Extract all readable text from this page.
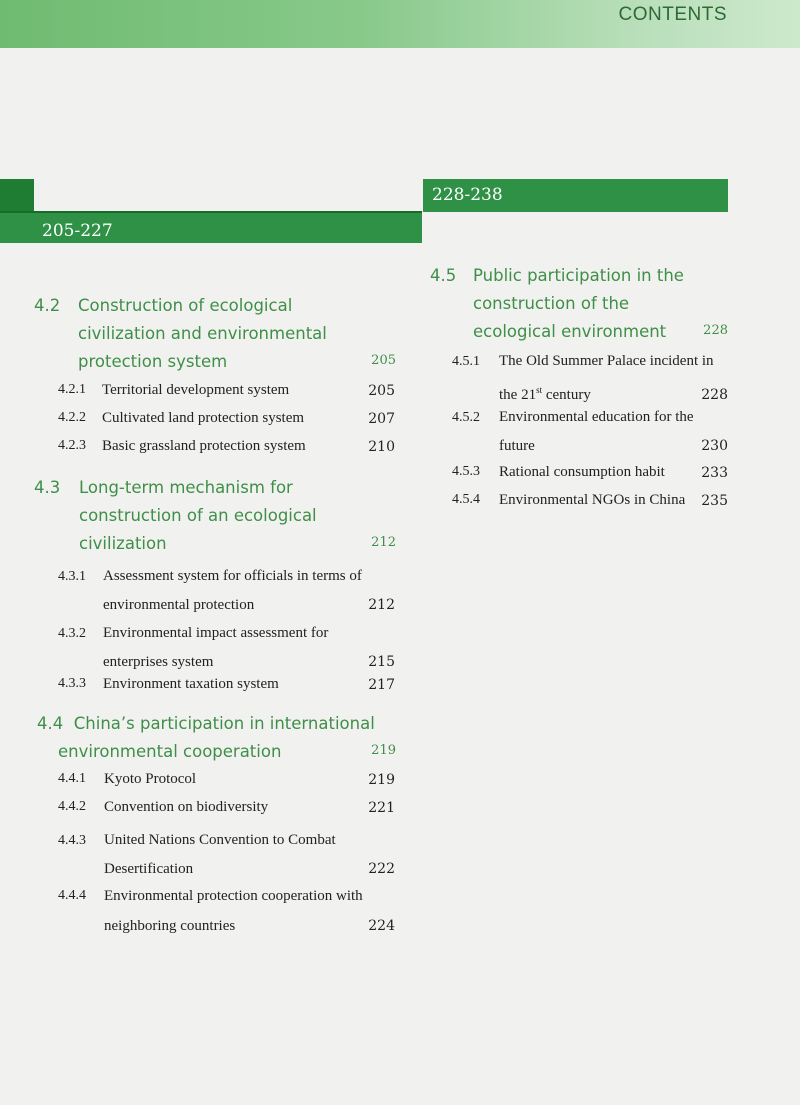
CONTENTS
205-227
228-238
4.2 Construction of ecological civilization and environmental protection system	205
4.2.1 Territorial development system	205
4.2.2 Cultivated land protection system	207
4.2.3 Basic grassland protection system	210
4.3 Long-term mechanism for construction of an ecological civilization	212
4.3.1 Assessment system for officials in terms of environmental protection	212
4.3.2 Environmental impact assessment for enterprises system	215
4.3.3 Environment taxation system	217
4.4 China’s participation in international environmental cooperation	219
4.4.1 Kyoto Protocol	219
4.4.2 Convention on biodiversity	221
4.4.3 United Nations Convention to Combat Desertification	222
4.4.4 Environmental protection cooperation with neighboring countries	224
4.5 Public participation in the construction of the ecological environment	228
4.5.1 The Old Summer Palace incident in the 21st century	228
4.5.2 Environmental education for the future	230
4.5.3 Rational consumption habit	233
4.5.4 Environmental NGOs in China	235
